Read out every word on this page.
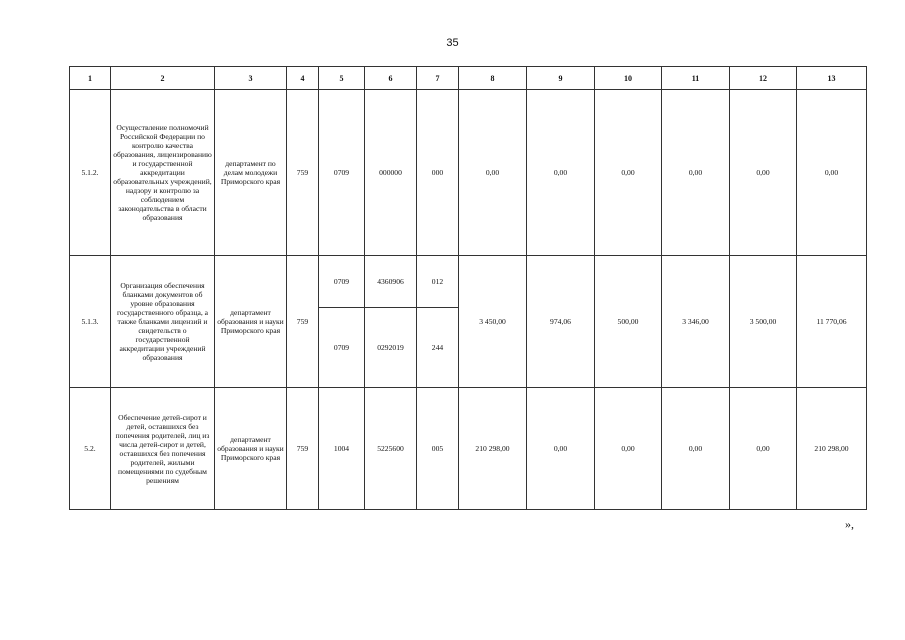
35
1	2	3	4	5	6	7	8	9	10	11	12	13
5.1.2.	Осуществление полномочий Российской Федерации по контролю качества образования, лицензированию и государственной аккредитации образовательных учреждений, надзору и контролю за соблюдением законодательства в области образования	департамент по делам молодежи Приморского края	759	0709	000000	000	0,00	0,00	0,00	0,00	0,00	0,00
5.1.3.	Организация обеспечения бланками документов об уровне образования государственного образца, а также бланками лицензий и свидетельств о государственной аккредитации учреждений образования	департамент образования и науки Приморского края	759	0709	4360906	012	3 450,00	974,06	500,00	3 346,00	3 500,00	11 770,06
				0709	0292019	244						
5.2.	Обеспечение детей-сирот и детей, оставшихся без попечения родителей, лиц из числа детей-сирот и детей, оставшихся без попечения родителей, жилыми помещениями по судебным решениям	департамент образования и науки Приморского края	759	1004	5225600	005	210 298,00	0,00	0,00	0,00	0,00	210 298,00
»,
